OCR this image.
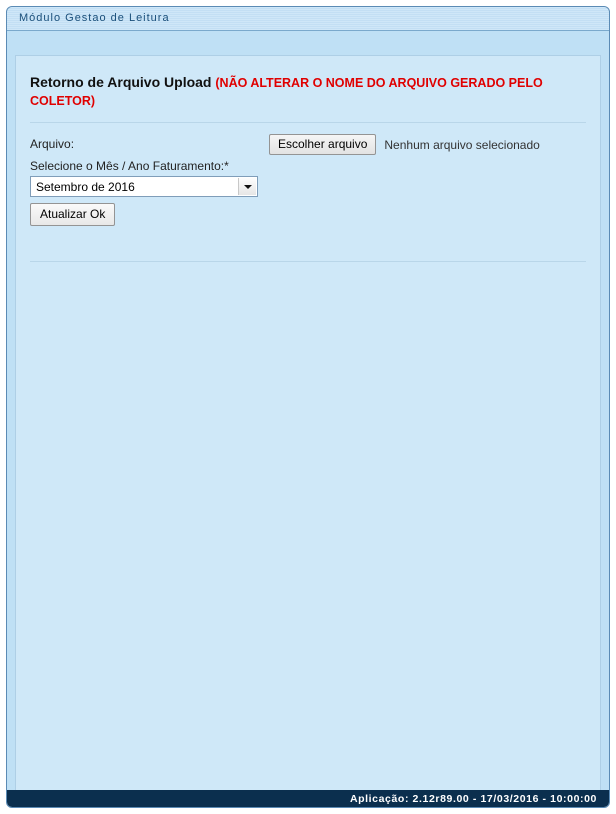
Módulo Gestao de Leitura
Retorno de Arquivo Upload (NÃO ALTERAR O NOME DO ARQUIVO GERADO PELO COLETOR)
Arquivo:	Escolher arquivo	Nenhum arquivo selecionado
Selecione o Mês / Ano Faturamento:*
Setembro de 2016
Atualizar Ok
Aplicação: 2.12r89.00 - 17/03/2016 - 10:00:00
